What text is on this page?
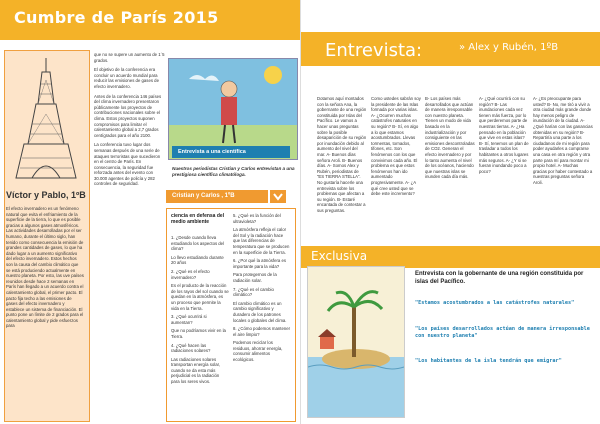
Cumbre de París 2015
Víctor y Pablo, 1ºB
El efecto invernadero es un fenómeno natural que evita el enfriamiento de la superficie de la tierra, lo que es posible gracias a algunos gases atmosféricos. Las actividades desarrolladas por el ser humano, durante el último siglo, han tenido como consecuencia la emisión de grandes cantidades de gases, lo que ha dado lugar a un aumento significativo del efecto invernadero. Estos hechos son la causa del cambio climático que se está produciendo actualmente en nuestro planeta. Por esto, las uve países reunidos desde hace 2 semanas en París han llegado a un acuerdo contra el calentamiento global, el primer pacto. El pacto fija techo a las emisiones de gases del efecto invernadero y establece un sistema de financiación. El punto pone un límite de 2 grados para el calentamiento global y pide esfuerzos para

que no se supere un aumento de 1´5 grados.

El objetivo de la conferencia era concluir un acuerdo mundial para reducir las emisiones de gases de efecto invernadero.

Antes de la conferencia 146 países del clima invernadero presentaron públicamente los proyectos de contribuciones nacionales sobre el clima. Estos proyectos suponen compromisos para limitar el calentamiento global a 2,7 grados centígrados para el año 2100.

La conferencia tuvo lugar dos semanas después de una serie de ataques terroristas que sucedieron en el centro de París. En consecuencia, la seguridad fue reforzada antes del evento con 30.000 agentes de policía y 282 controles de seguridad.

Entrevista a una científica
Nuestros periodistas Cristian y Carlos entrevistan a una prestigiosa científica climatóloga.
Cristian y Carlos , 1ºB
ciencia en defensa del medio ambiente

1. ¿Desde cuando lleva estudiando los aspectos del clima?

Lo llevo estudiando durante 20 años

2. ¿Qué es el efecto invernadero?

Es el producto de la reacción de los rayos del sol cuando se quedan en la atmósfera, es un proceso que permite la vida en la Tierra.

3. ¿Qué ocurrirá si aumentan?

Que no podríamos vivir en la Tierra.

4. ¿Qué hacen las radiaciones solares?

Las radiaciones solares transportan energía solar, cuando se da esta más perjudicial es la radiación para los seres vivos.

5. ¿Qué es la función del ultravioleta?

La atmósfera refleja el calor del Sol y la radiación hace que las diferencias de temperatura que se producen en la superficie de la Tierra.

6. ¿Por qué la atmósfera es importante para la vida?

Para protegernos de la radiación solar.

7. ¿Qué es el cambio climático?

El cambio climático es un cambio significativo y duradero de los patrones locales o globales del clima.

8. ¿Cómo podemos mantener el aire limpio?

Podemos reciclar los residuos, ahorrar energía, consumir alimentos ecológicos.

Entrevista:	» Alex y Rubén, 1ºB
Dotamos aquí montados con la señora Ana, la gobernante de una región constituida por Islas del Pacífico. Le vamos a hacer unas preguntas sobre la posible desaparición de su región por inundación debido al aumento del nivel del mar. A- Buenos días señora Aroli. B- Buenos días. A- Somos Alex y Rubén, periodistas de “ES TIERRA STELLA”. No gustaría hacerle una entrevista sobre los problemas que afectan a su región. B- Estaré encantada de contestar a sus preguntas.
Como ustedes sabrán soy la presidente de las Islas formada por varias islas. A- ¿Ocurren muchas catástrofes naturales en su región? B- Sí, en algo a lo que estamos acostumbrados. Llevas tormentas, tornados, tifones, etc. Son fenómenos con los que convivimos cada año. El problema es que estos fenómenos han ido aumentado progresivamente. A- ¿A qué cree usted que se debe este incremento?
B- Los países más desarrollados que actúan de manera irresponsable con nuestro planeta. Tienen un modo de vida basado en la industrialización y por consiguiente en las emisiones descontroladas de CO2. Generan el efecto invernadero y por lo tanto aumenta el nivel de los océanos, haciendo que nuestras islas se inunden cada día más.
A- ¿Qué ocurrirá con su región? B- Las inundaciones cada vez tienen más fuerza, por lo que perderemos parte de nuestras tierras. A- ¿Ha pensado en la población que vive en estas islas? B- Sí, tenemos un plan de trasladar a todos los habitantes a otros lugares más seguros. A- ¿Y si se fueran inundando poco a poco?
A- ¿Es preocupante para usted? B- No, me tiró a vivir a otra ciudad más grande donde hay menos peligro de inundación de la ciudad. A- ¿Qué harían con las ganancias obtenidas en su región? B- Repartiría una parte a los ciudadanos de mi región para poder ayudarles a comprarse una casa en otra región y otra parte para mí para montar mi propio hotel. A- Muchas gracias por haber contestado a nuestras preguntas señora Aroli.
Exclusiva
Entrevista con la gobernante de una región constituida por islas del Pacífico.
"Estamos acostumbrados a las catástrofes naturales"
"Los países desarrollados actúan de manera irresponsable con nuestro planeta"
"Los habitantes de la isla tendrán que emigrar"
